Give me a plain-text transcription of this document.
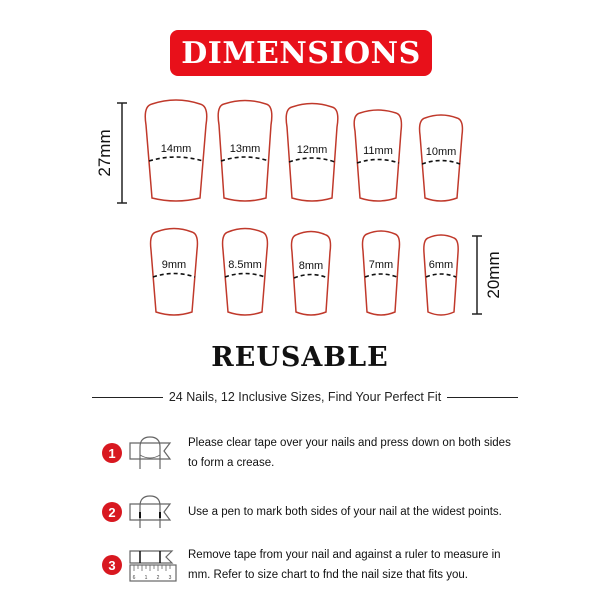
DIMENSIONS
27mm	14mm	13mm	12mm	11mm	10mm
9mm	8.5mm	8mm	7mm	6mm 20mm
REUSABLE
24 Nails, 12 Inclusive Sizes, Find Your Perfect Fit
1
Please clear tape over your nails and press down on both sides to form a crease.
2	Use a pen to mark both sides of your nail at the widest points.
3
6 1 2 3
Remove tape from your nail and against a ruler to measure in mm. Refer to size chart to fnd the nail size that fits you.
